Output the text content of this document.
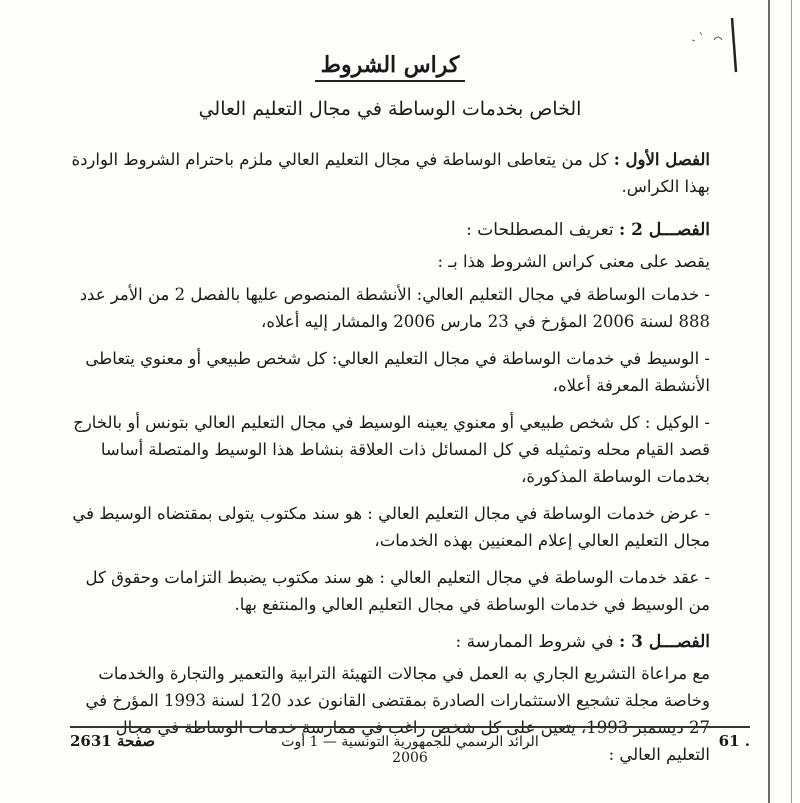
كراس الشروط
الخاص بخدمات الوساطة في مجال التعليم العالي

الفصل الأول : كل من يتعاطى الوساطة في مجال التعليم العالي ملزم باحترام الشروط الواردة بهذا الكراس.

الفصـــل 2 : تعريف المصطلحات :

يقصد على معنى كراس الشروط هذا بـ :

- خدمات الوساطة في مجال التعليم العالي: الأنشطة المنصوص عليها بالفصل 2 من الأمر عدد 888 لسنة 2006 المؤرخ في 23 مارس 2006 والمشار إليه أعلاه،

- الوسيط في خدمات الوساطة في مجال التعليم العالي: كل شخص طبيعي أو معنوي يتعاطى الأنشطة المعرفة أعلاه،

- الوكيل : كل شخص طبيعي أو معنوي يعينه الوسيط في مجال التعليم العالي بتونس أو بالخارج قصد القيام محله وتمثيله في كل المسائل ذات العلاقة بنشاط هذا الوسيط والمتصلة أساسا بخدمات الوساطة المذكورة،

- عرض خدمات الوساطة في مجال التعليم العالي : هو سند مكتوب يتولى بمقتضاه الوسيط في مجال التعليم العالي إعلام المعنيين بهذه الخدمات،

- عقد خدمات الوساطة في مجال التعليم العالي : هو سند مكتوب يضبط التزامات وحقوق كل من الوسيط في خدمات الوساطة في مجال التعليم العالي والمنتفع بها.

الفصـــل 3 : في شروط الممارسة :

مع مراعاة التشريع الجاري به العمل في مجالات التهيئة الترابية والتعمير والتجارة والخدمات وخاصة مجلة تشجيع الاستثمارات الصادرة بمقتضى القانون عدد 120 لسنة 1993 المؤرخ في التعليم العالي :

صفحة 2631	الرائد الرسمي للجمهورية التونسية — 1 أوت 2006
61 .
